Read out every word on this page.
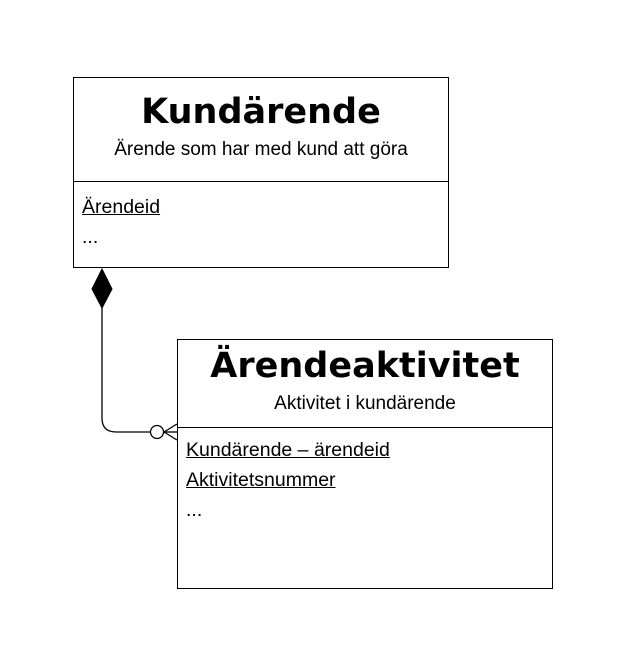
Kundärende
Ärende som har med kund att göra
Ärendeid
...
Ärendeaktivitet
Aktivitet i kundärende
Kundärende – ärendeid
Aktivitetsnummer
...
